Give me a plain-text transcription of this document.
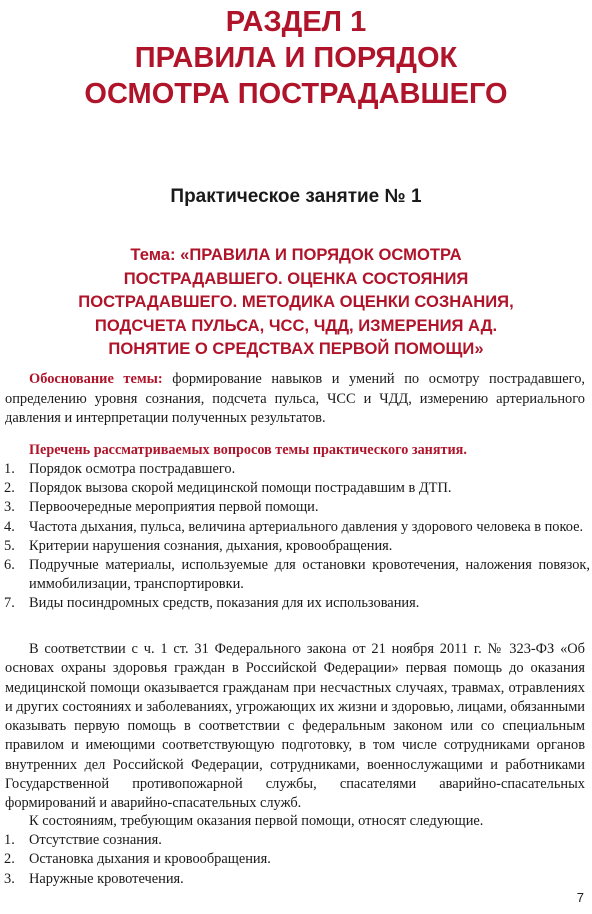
РАЗДЕЛ 1
ПРАВИЛА И ПОРЯДОК
ОСМОТРА ПОСТРАДАВШЕГО
Практическое занятие № 1
Тема: «ПРАВИЛА И ПОРЯДОК ОСМОТРА
ПОСТРАДАВШЕГО. ОЦЕНКА СОСТОЯНИЯ
ПОСТРАДАВШЕГО. МЕТОДИКА ОЦЕНКИ СОЗНАНИЯ,
ПОДСЧЕТА ПУЛЬСА, ЧСС, ЧДД, ИЗМЕРЕНИЯ АД.
ПОНЯТИЕ О СРЕДСТВАХ ПЕРВОЙ ПОМОЩИ»

Обоснование темы: формирование навыков и умений по осмотру пострадавшего, определению уровня сознания, подсчета пульса, ЧСС и ЧДД, измерению артериального давления и интерпретации полученных результатов.

Перечень рассматриваемых вопросов темы практического занятия.

1. Порядок осмотра пострадавшего.
2. Порядок вызова скорой медицинской помощи пострадавшим в ДТП.
3. Первоочередные мероприятия первой помощи.
4. Частота дыхания, пульса, величина артериального давления у здорового человека в покое.
5. Критерии нарушения сознания, дыхания, кровообращения.
6. Подручные материалы, используемые для остановки кровотечения, наложения повязок, иммобилизации, транспортировки.
7. Виды посиндромных средств, показания для их использования.

В соответствии с ч. 1 ст. 31 Федерального закона от 21 ноября 2011 г. № 323-ФЗ «Об основах охраны здоровья граждан в Российской Федерации» первая помощь до оказания медицинской помощи оказывается гражданам при несчастных случаях, травмах, отравлениях и других состояниях и заболеваниях, угрожающих их жизни и здоровью, лицами, обязанными оказывать первую помощь в соответствии с федеральным законом или со специальным правилом и имеющими соответствующую подготовку, в том числе сотрудниками органов внутренних дел Российской Федерации, сотрудниками, военнослужащими и работниками Государственной противопожарной службы, спасателями аварийно-спасательных формирований и аварийно-спасательных служб.

К состояниям, требующим оказания первой помощи, относят следующие.

1. Отсутствие сознания.
2. Остановка дыхания и кровообращения.
3. Наружные кровотечения.
7
